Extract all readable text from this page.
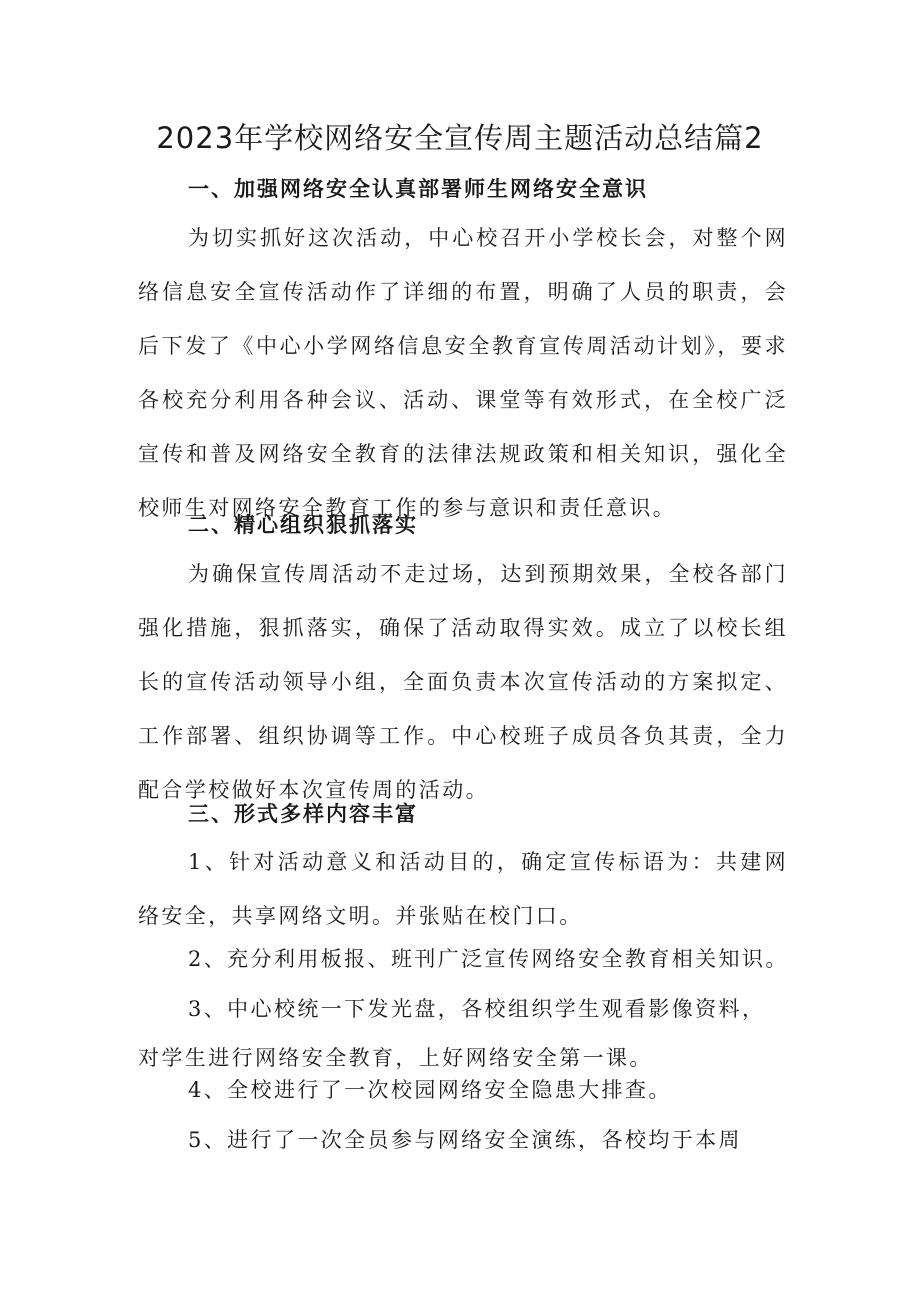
2023年学校网络安全宣传周主题活动总结篇2
一、加强网络安全认真部署师生网络安全意识

为切实抓好这次活动，中心校召开小学校长会，对整个网络信息安全宣传活动作了详细的布置，明确了人员的职责，会后下发了《中心小学网络信息安全教育宣传周活动计划》，要求各校充分利用各种会议、活动、课堂等有效形式，在全校广泛宣传和普及网络安全教育的法律法规政策和相关知识，强化全校师生对网络安全教育工作的参与意识和责任意识。

二、精心组织狠抓落实

为确保宣传周活动不走过场，达到预期效果，全校各部门强化措施，狠抓落实，确保了活动取得实效。成立了以校长组长的宣传活动领导小组，全面负责本次宣传活动的方案拟定、工作部署、组织协调等工作。中心校班子成员各负其责，全力配合学校做好本次宣传周的活动。

三、形式多样内容丰富

1、针对活动意义和活动目的，确定宣传标语为：共建网络安全，共享网络文明。并张贴在校门口。

2、充分利用板报、班刊广泛宣传网络安全教育相关知识。

3、中心校统一下发光盘，各校组织学生观看影像资料，

对学生进行网络安全教育，上好网络安全第一课。

4、全校进行了一次校园网络安全隐患大排查。

5、进行了一次全员参与网络安全演练，各校均于本周
